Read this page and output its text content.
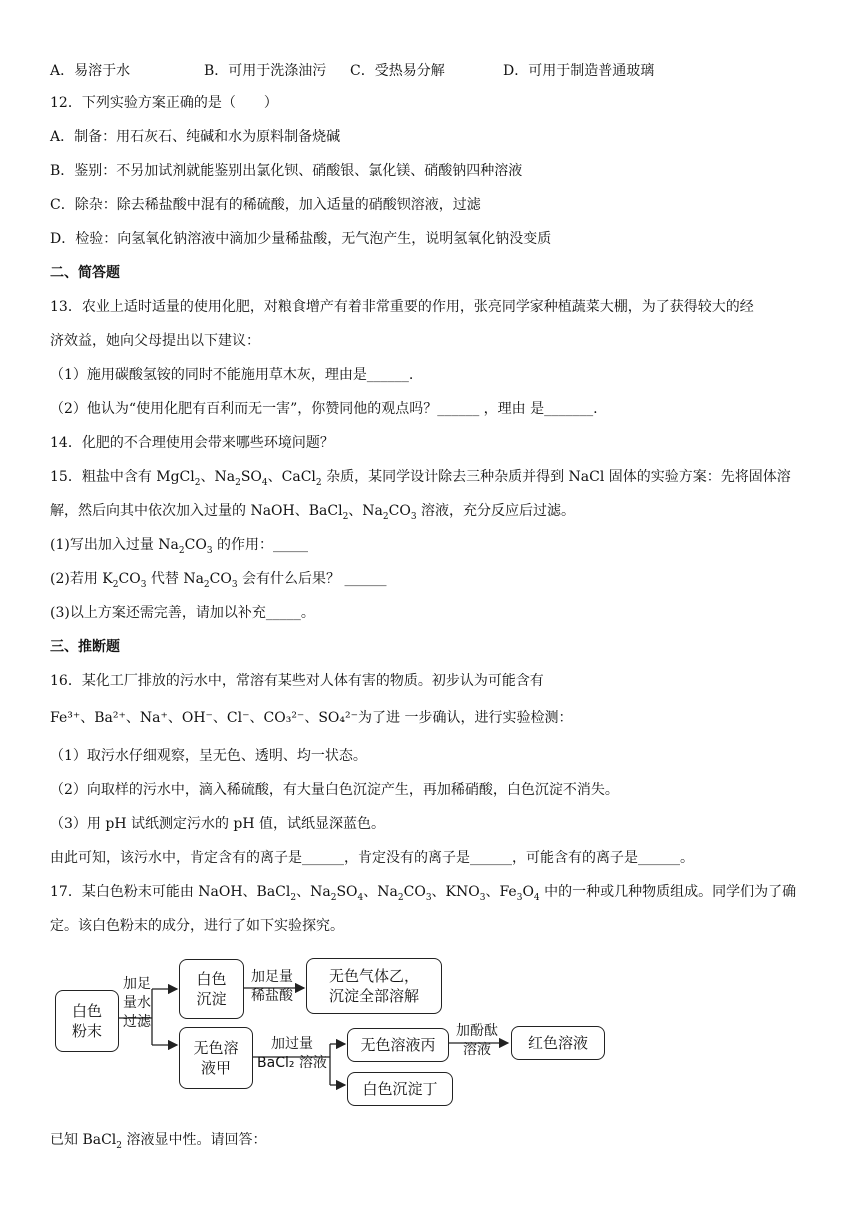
A．易溶于水	B．可用于洗涤油污 C．受热易分解	D．可用于制造普通玻璃
12．下列实验方案正确的是（　　）
A．制备：用石灰石、纯碱和水为原料制备烧碱
B．鉴别：不另加试剂就能鉴别出氯化钡、硝酸银、氯化镁、硝酸钠四种溶液
C．除杂：除去稀盐酸中混有的稀硫酸，加入适量的硝酸钡溶液，过滤
D．检验：向氢氧化钠溶液中滴加少量稀盐酸，无气泡产生，说明氢氧化钠没变质
二、简答题
13．农业上适时适量的使用化肥，对粮食增产有着非常重要的作用，张亮同学家种植蔬菜大棚，为了获得较大的经
济效益，她向父母提出以下建议：
（1）施用碳酸氢铵的同时不能施用草木灰，理由是______.
（2）他认为“使用化肥有百利而无一害”，你赞同他的观点吗？______ ，理由 是_______.
14．化肥的不合理使用会带来哪些环境问题？
15．粗盐中含有 MgCl$_2$、$Na_2SO_4$、CaCl$_2$ 杂质，某同学设计除去三种杂质并得到 NaCl 固体的实验方案：先将固体溶
解，然后向其中依次加入过量的 NaOH、BaCl$_2$、$Na_2CO_3$ 溶液，充分反应后过滤。
(1)写出加入过量 $Na_2CO_3$ 的作用：_____
(2)若用 $K_2CO_3$ 代替 $Na_2CO_3$ 会有什么后果？ ______
(3)以上方案还需完善，请加以补充_____。
三、推断题
16．某化工厂排放的污水中，常溶有某些对人体有害的物质。初步认为可能含有
Fe³⁺、Ba²⁺、Na⁺、OH⁻、Cl⁻、CO₃²⁻、SO₄²⁻为了进 一步确认，进行实验检测：
（1）取污水仔细观察，呈无色、透明、均一状态。
（2）向取样的污水中，滴入稀硫酸，有大量白色沉淀产生，再加稀硝酸，白色沉淀不消失。
（3）用 pH 试纸测定污水的 pH 值，试纸显深蓝色。
由此可知，该污水中，肯定含有的离子是______，肯定没有的离子是______，可能含有的离子是______。
17．某白色粉末可能由 NaOH、BaCl$_2$、$Na_2SO_4$、$Na_2CO_3$、$KNO_3$、$Fe_3O_4$ 中的一种或几种物质组成。同学们为了确
定。该白色粉末的成分，进行了如下实验探究。
白色
粉末
加足
量水
过滤
白色
沉淀
加足量
稀盐酸
无色气体乙，
沉淀全部溶解
无色溶
液甲
加过量
BaCl₂ 溶液
无色溶液丙
加酚酞
溶液	红色溶液
白色沉淀丁
已知 BaCl$_2$ 溶液显中性。请回答：
